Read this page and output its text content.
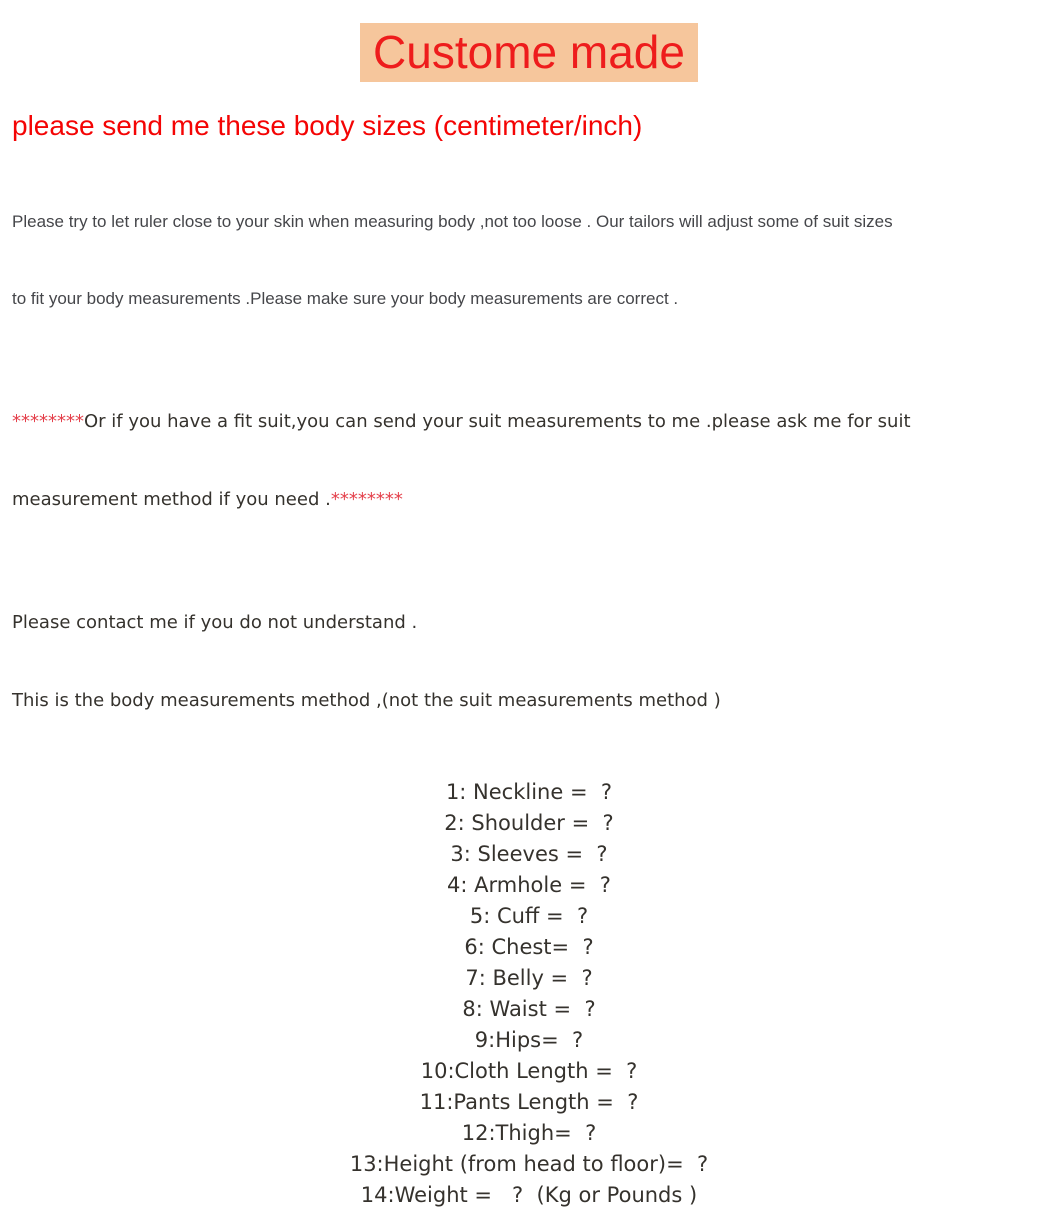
Custome made
please send me these body sizes (centimeter/inch)

Please try to let ruler close to your skin when measuring body ,not too loose . Our tailors will adjust some of suit sizes

to fit your body measurements .Please make sure your body measurements are correct .

********Or if you have a fit suit,you can send your suit measurements to me .please ask me for suit

measurement method if you need .********

Please contact me if you do not understand .

This is the body measurements method ,(not the suit measurements method )

1: Neckline =  ?
2: Shoulder =  ?
3: Sleeves =  ?
4: Armhole =  ?
5: Cuff =  ?
6: Chest=  ?
7: Belly =  ?
8: Waist =  ?
9:Hips=  ?
10:Cloth Length =  ?
11:Pants Length =  ?
12:Thigh=  ?
13:Height (from head to floor)=  ?
14:Weight =   ?  (Kg or Pounds )
